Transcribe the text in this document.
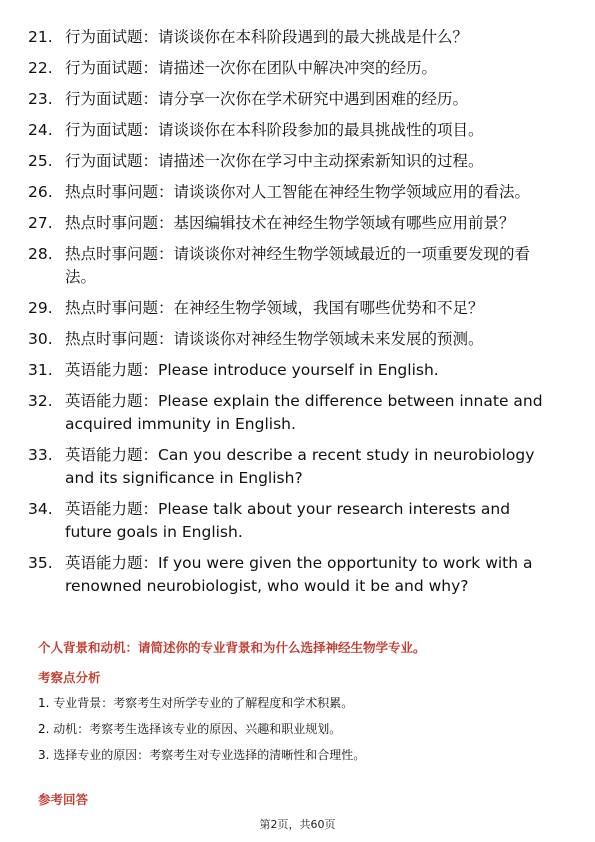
21. 行为面试题：请谈谈你在本科阶段遇到的最大挑战是什么？
22. 行为面试题：请描述一次你在团队中解决冲突的经历。
23. 行为面试题：请分享一次你在学术研究中遇到困难的经历。
24. 行为面试题：请谈谈你在本科阶段参加的最具挑战性的项目。
25. 行为面试题：请描述一次你在学习中主动探索新知识的过程。
26. 热点时事问题：请谈谈你对人工智能在神经生物学领域应用的看法。
27. 热点时事问题：基因编辑技术在神经生物学领域有哪些应用前景？
28. 热点时事问题：请谈谈你对神经生物学领域最近的一项重要发现的看法。
29. 热点时事问题：在神经生物学领域，我国有哪些优势和不足？
30. 热点时事问题：请谈谈你对神经生物学领域未来发展的预测。
31. 英语能力题：Please introduce yourself in English.
32. 英语能力题：Please explain the difference between innate and acquired immunity in English.
33. 英语能力题：Can you describe a recent study in neurobiology and its significance in English?
34. 英语能力题：Please talk about your research interests and future goals in English.
35. 英语能力题：If you were given the opportunity to work with a renowned neurobiologist, who would it be and why?
个人背景和动机：请简述你的专业背景和为什么选择神经生物学专业。
考察点分析
1. 专业背景：考察考生对所学专业的了解程度和学术积累。
2. 动机：考察考生选择该专业的原因、兴趣和职业规划。
3. 选择专业的原因：考察考生对专业选择的清晰性和合理性。
参考回答
第2页，共60页
